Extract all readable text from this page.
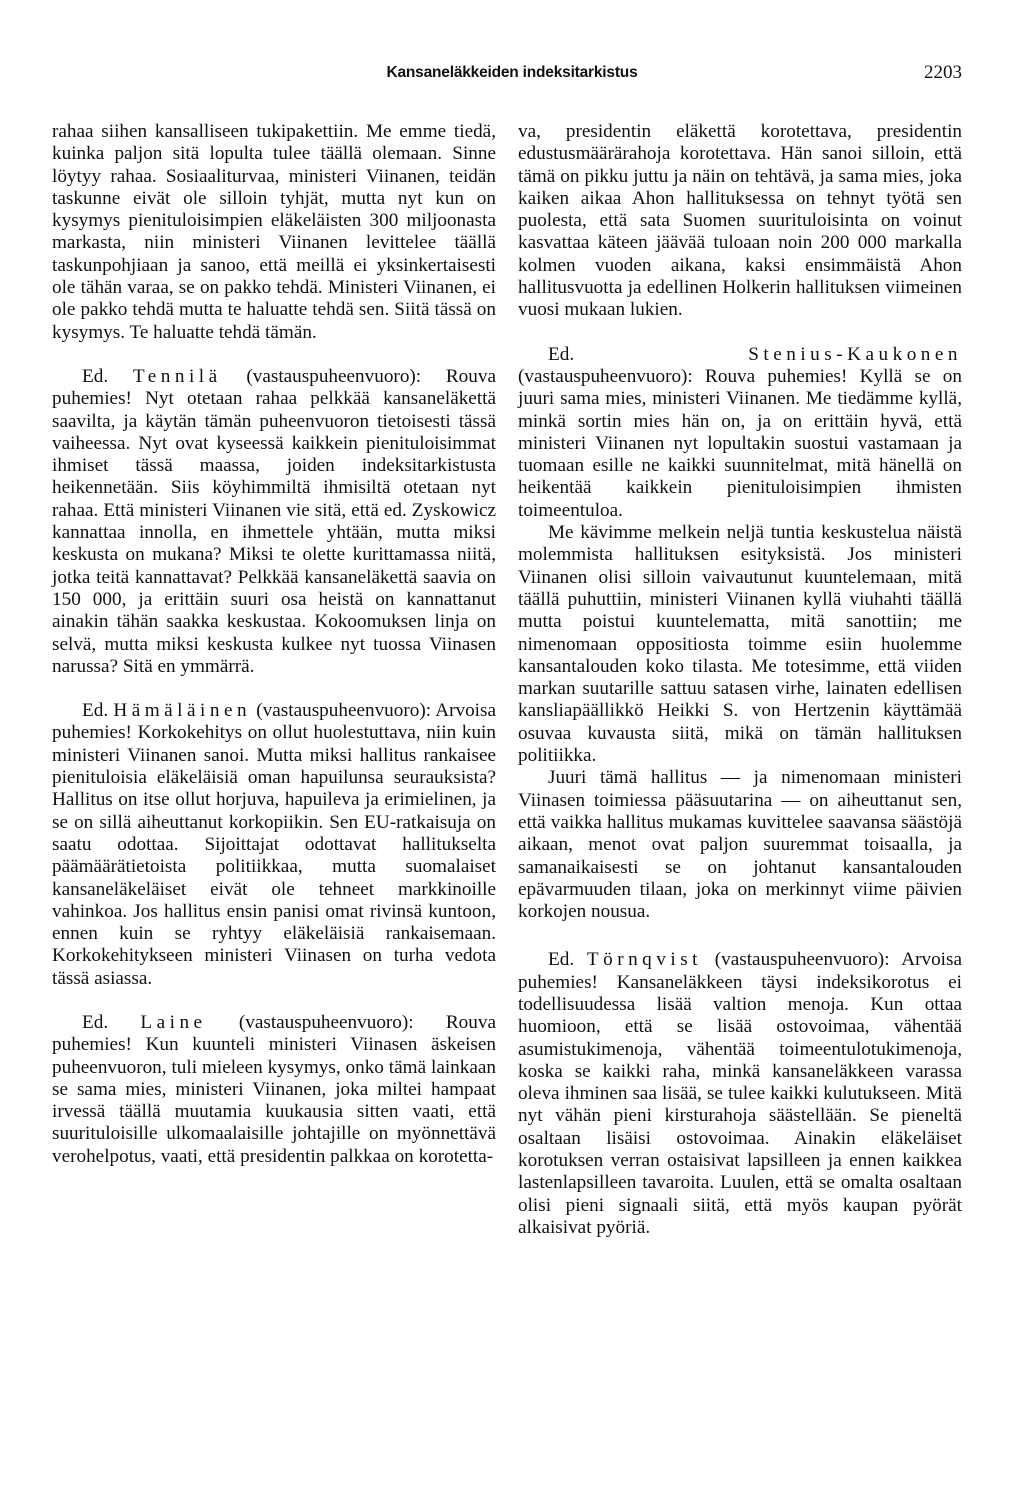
Kansaneläkkeiden indeksitarkistus	2203

rahaa siihen kansalliseen tukipakettiin. Me emme tiedä, kuinka paljon sitä lopulta tulee täällä olemaan. Sinne löytyy rahaa. Sosiaaliturvaa, ministeri Viinanen, teidän taskunne eivät ole silloin tyhjät, mutta nyt kun on kysymys pienituloisimpien eläkeläisten 300 miljoonasta markasta, niin ministeri Viinanen levittelee täällä taskunpohjiaan ja sanoo, että meillä ei yksinkertaisesti ole tähän varaa, se on pakko tehdä. Ministeri Viinanen, ei ole pakko tehdä mutta te haluatte tehdä sen. Siitä tässä on kysymys. Te haluatte tehdä tämän.

Ed. Tennilä (vastauspuheenvuoro): Rouva puhemies! Nyt otetaan rahaa pelkkää kansaneläkettä saavilta, ja käytän tämän puheenvuoron tietoisesti tässä vaiheessa. Nyt ovat kyseessä kaikkein pienituloisimmat ihmiset tässä maassa, joiden indeksitarkistusta heikennetään. Siis köyhimmiltä ihmisiltä otetaan nyt rahaa. Että ministeri Viinanen vie sitä, että ed. Zyskowicz kannattaa innolla, en ihmettele yhtään, mutta miksi keskusta on mukana? Miksi te olette kurittamassa niitä, jotka teitä kannattavat? Pelkkää kansaneläkettä saavia on 150 000, ja erittäin suuri osa heistä on kannattanut ainakin tähän saakka keskustaa. Kokoomuksen linja on selvä, mutta miksi keskusta kulkee nyt tuossa Viinasen narussa? Sitä en ymmärrä.

Ed. Hämäläinen (vastauspuheenvuoro): Arvoisa puhemies! Korkokehitys on ollut huolestuttava, niin kuin ministeri Viinanen sanoi. Mutta miksi hallitus rankaisee pienituloisia eläkeläisiä oman hapuilunsa seurauksista? Hallitus on itse ollut horjuva, hapuileva ja erimielinen, ja se on sillä aiheuttanut korkopiikin. Sen EU-ratkaisuja on saatu odottaa. Sijoittajat odottavat hallitukselta päämäärätietoista politiikkaa, mutta suomalaiset kansaneläkeläiset eivät ole tehneet markkinoille vahinkoa. Jos hallitus ensin panisi omat rivinsä kuntoon, ennen kuin se ryhtyy eläkeläisiä rankaisemaan. Korkokehitykseen ministeri Viinasen on turha vedota tässä asiassa.

Ed. Laine (vastauspuheenvuoro): Rouva puhemies! Kun kuunteli ministeri Viinasen äskeisen puheenvuoron, tuli mieleen kysymys, onko tämä lainkaan se sama mies, ministeri Viinanen, joka miltei hampaat irvessä täällä muutamia kuukausia sitten vaati, että suurituloisille ulkomaalaisille johtajille on myönnettävä verohelpotus, vaati, että presidentin palkkaa on korotetta-

va, presidentin eläkettä korotettava, presidentin edustusmäärärahoja korotettava. Hän sanoi silloin, että tämä on pikku juttu ja näin on tehtävä, ja sama mies, joka kaiken aikaa Ahon hallituksessa on tehnyt työtä sen puolesta, että sata Suomen suurituloisinta on voinut kasvattaa käteen jäävää tuloaan noin 200 000 markalla kolmen vuoden aikana, kaksi ensimmäistä Ahon hallitusvuotta ja edellinen Holkerin hallituksen viimeinen vuosi mukaan lukien.

Ed. Stenius-Kaukonen (vastauspuheenvuoro): Rouva puhemies! Kyllä se on juuri sama mies, ministeri Viinanen. Me tiedämme kyllä, minkä sortin mies hän on, ja on erittäin hyvä, että ministeri Viinanen nyt lopultakin suostui vastamaan ja tuomaan esille ne kaikki suunnitelmat, mitä hänellä on heikentää kaikkein pienituloisimpien ihmisten toimeentuloa.

Me kävimme melkein neljä tuntia keskustelua näistä molemmista hallituksen esityksistä. Jos ministeri Viinanen olisi silloin vaivautunut kuuntelemaan, mitä täällä puhuttiin, ministeri Viinanen kyllä viuhahti täällä mutta poistui kuuntelematta, mitä sanottiin; me nimenomaan oppositiosta toimme esiin huolemme kansantalouden koko tilasta. Me totesimme, että viiden markan suutarille sattuu satasen virhe, lainaten edellisen kansliapäällikkö Heikki S. von Hertzenin käyttämää osuvaa kuvausta siitä, mikä on tämän hallituksen politiikka.

Juuri tämä hallitus — ja nimenomaan ministeri Viinasen toimiessa pääsuutarina — on aiheuttanut sen, että vaikka hallitus mukamas kuvittelee saavansa säästöjä aikaan, menot ovat paljon suuremmat toisaalla, ja samanaikaisesti se on johtanut kansantalouden epävarmuuden tilaan, joka on merkinnyt viime päivien korkojen nousua.

Ed. Törnqvist (vastauspuheenvuoro): Arvoisa puhemies! Kansaneläkkeen täysi indeksikorotus ei todellisuudessa lisää valtion menoja. Kun ottaa huomioon, että se lisää ostovoimaa, vähentää asumistukimenoja, vähentää toimeentulotukimenoja, koska se kaikki raha, minkä kansaneläkkeen varassa oleva ihminen saa lisää, se tulee kaikki kulutukseen. Mitä nyt vähän pieni kirsturahoja säästellään. Se pieneltä osaltaan lisäisi ostovoimaa. Ainakin eläkeläiset korotuksen verran ostaisivat lapsilleen ja ennen kaikkea lastenlapsilleen tavaroita. Luulen, että se omalta osaltaan olisi pieni signaali siitä, että myös kaupan pyörät alkaisivat pyöriä.
